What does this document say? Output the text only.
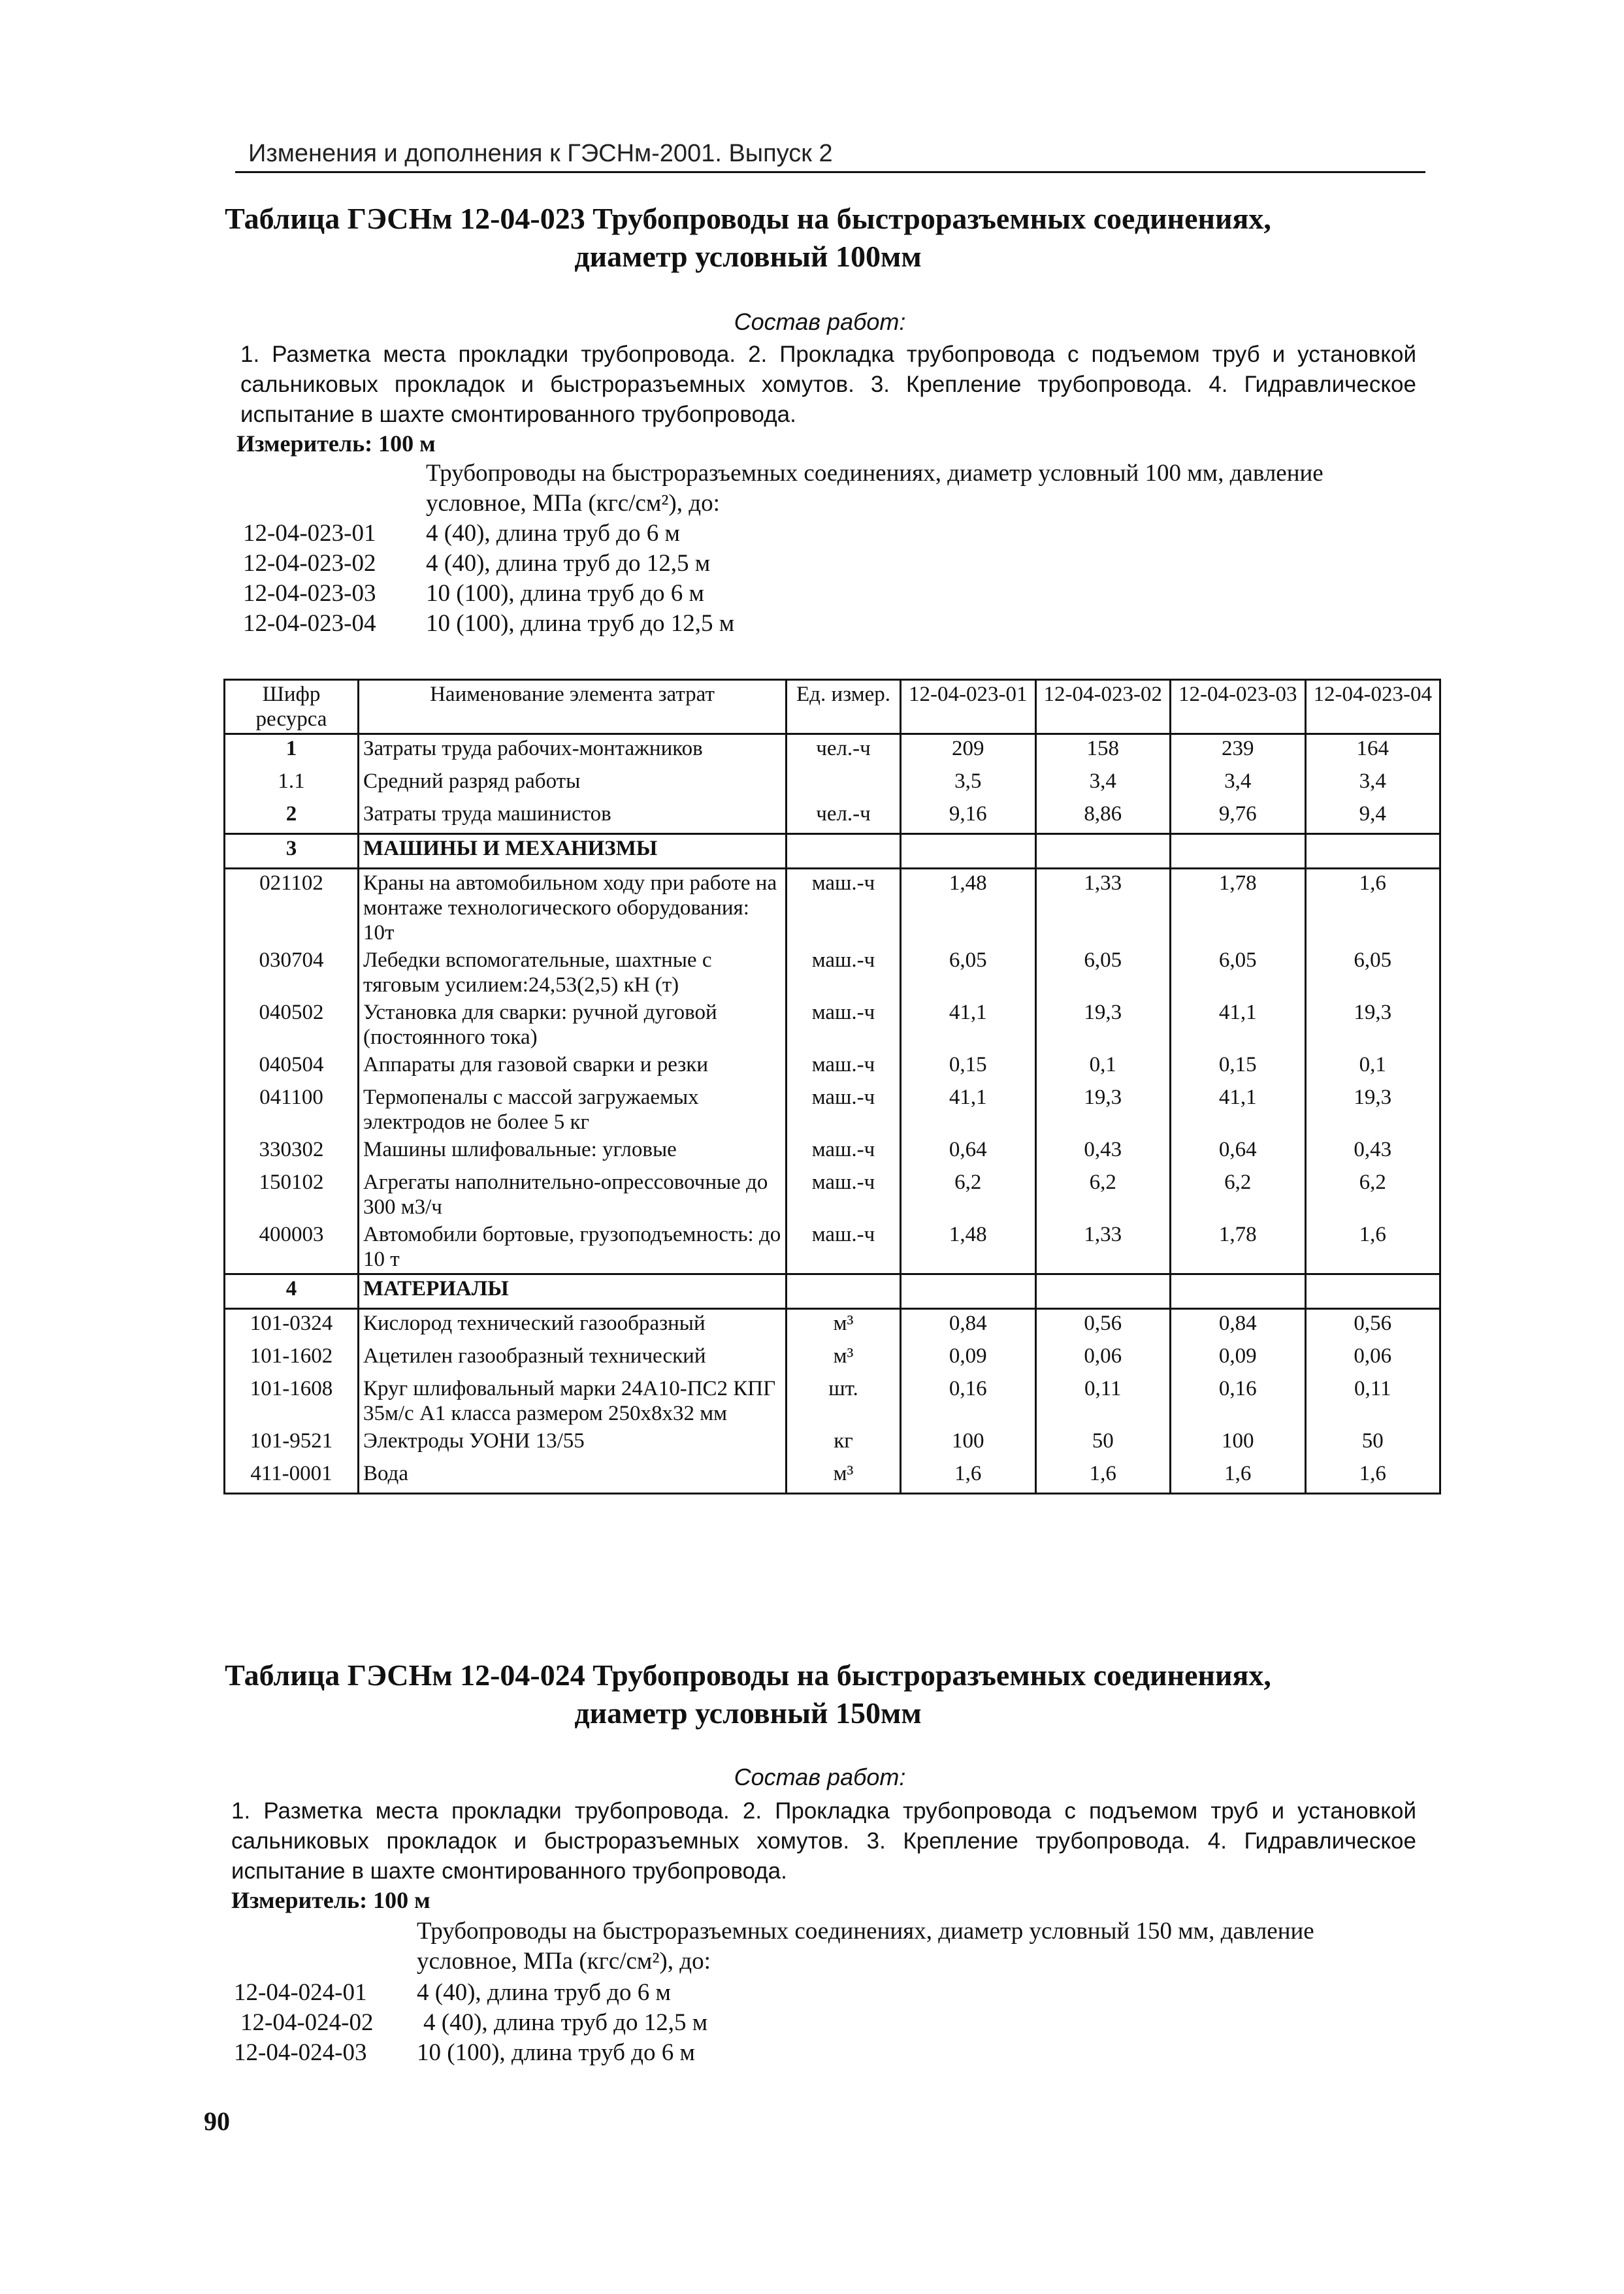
Изменения и дополнения к ГЭСНм-2001. Выпуск 2
Таблица ГЭСНм 12-04-023 Трубопроводы на быстроразъемных соединениях,
диаметр условный 100мм
Состав работ:
1. Разметка места прокладки трубопровода. 2. Прокладка трубопровода с подъемом труб и установкой сальниковых прокладок и быстроразъемных хомутов. 3. Крепление трубопровода. 4. Гидравлическое испытание в шахте смонтированного трубопровода.
Измеритель: 100 м
Трубопроводы на быстроразъемных соединениях, диаметр условный 100 мм, давление условное, МПа (кгс/см²), до:
12-04-023-01 4 (40), длина труб до 6 м
12-04-023-02 4 (40), длина труб до 12,5 м
12-04-023-03 10 (100), длина труб до 6 м
12-04-023-04 10 (100), длина труб до 12,5 м
Шифр ресурса	Наименование элемента затрат	Ед. измер.	12-04-023-01	12-04-023-02	12-04-023-03	12-04-023-04
1	Затраты труда рабочих-монтажников	чел.-ч	209	158	239	164
1.1	Средний разряд работы		3,5	3,4	3,4	3,4
2	Затраты труда машинистов	чел.-ч	9,16	8,86	9,76	9,4
3	МАШИНЫ И МЕХАНИЗМЫ					
021102	Краны на автомобильном ходу при работе на монтаже технологического оборудования: 10т	маш.-ч	1,48	1,33	1,78	1,6
030704	Лебедки вспомогательные, шахтные с тяговым усилием:24,53(2,5) кН (т)	маш.-ч	6,05	6,05	6,05	6,05
040502	Установка для сварки: ручной дуговой (постоянного тока)	маш.-ч	41,1	19,3	41,1	19,3
040504	Аппараты для газовой сварки и резки	маш.-ч	0,15	0,1	0,15	0,1
041100	Термопеналы с массой загружаемых электродов не более 5 кг	маш.-ч	41,1	19,3	41,1	19,3
330302	Машины шлифовальные: угловые	маш.-ч	0,64	0,43	0,64	0,43
150102	Агрегаты наполнительно-опрессовочные до 300 м3/ч	маш.-ч	6,2	6,2	6,2	6,2
400003	Автомобили бортовые, грузоподъемность: до 10 т	маш.-ч	1,48	1,33	1,78	1,6
4	МАТЕРИАЛЫ					
101-0324	Кислород технический газообразный	м³	0,84	0,56	0,84	0,56
101-1602	Ацетилен газообразный технический	м³	0,09	0,06	0,09	0,06
101-1608	Круг шлифовальный марки 24А10-ПС2 КПГ 35м/с А1 класса размером 250х8х32 мм	шт.	0,16	0,11	0,16	0,11
101-9521	Электроды УОНИ 13/55	кг	100	50	100	50
411-0001	Вода	м³	1,6	1,6	1,6	1,6
Таблица ГЭСНм 12-04-024 Трубопроводы на быстроразъемных соединениях,
диаметр условный 150мм
Состав работ:
1. Разметка места прокладки трубопровода. 2. Прокладка трубопровода с подъемом труб и установкой сальниковых прокладок и быстроразъемных хомутов. 3. Крепление трубопровода. 4. Гидравлическое испытание в шахте смонтированного трубопровода.
Измеритель: 100 м
Трубопроводы на быстроразъемных соединениях, диаметр условный 150 мм, давление условное, МПа (кгс/см²), до:
12-04-024-01 4 (40), длина труб до 6 м
12-04-024-02 4 (40), длина труб до 12,5 м
12-04-024-03 10 (100), длина труб до 6 м
90
